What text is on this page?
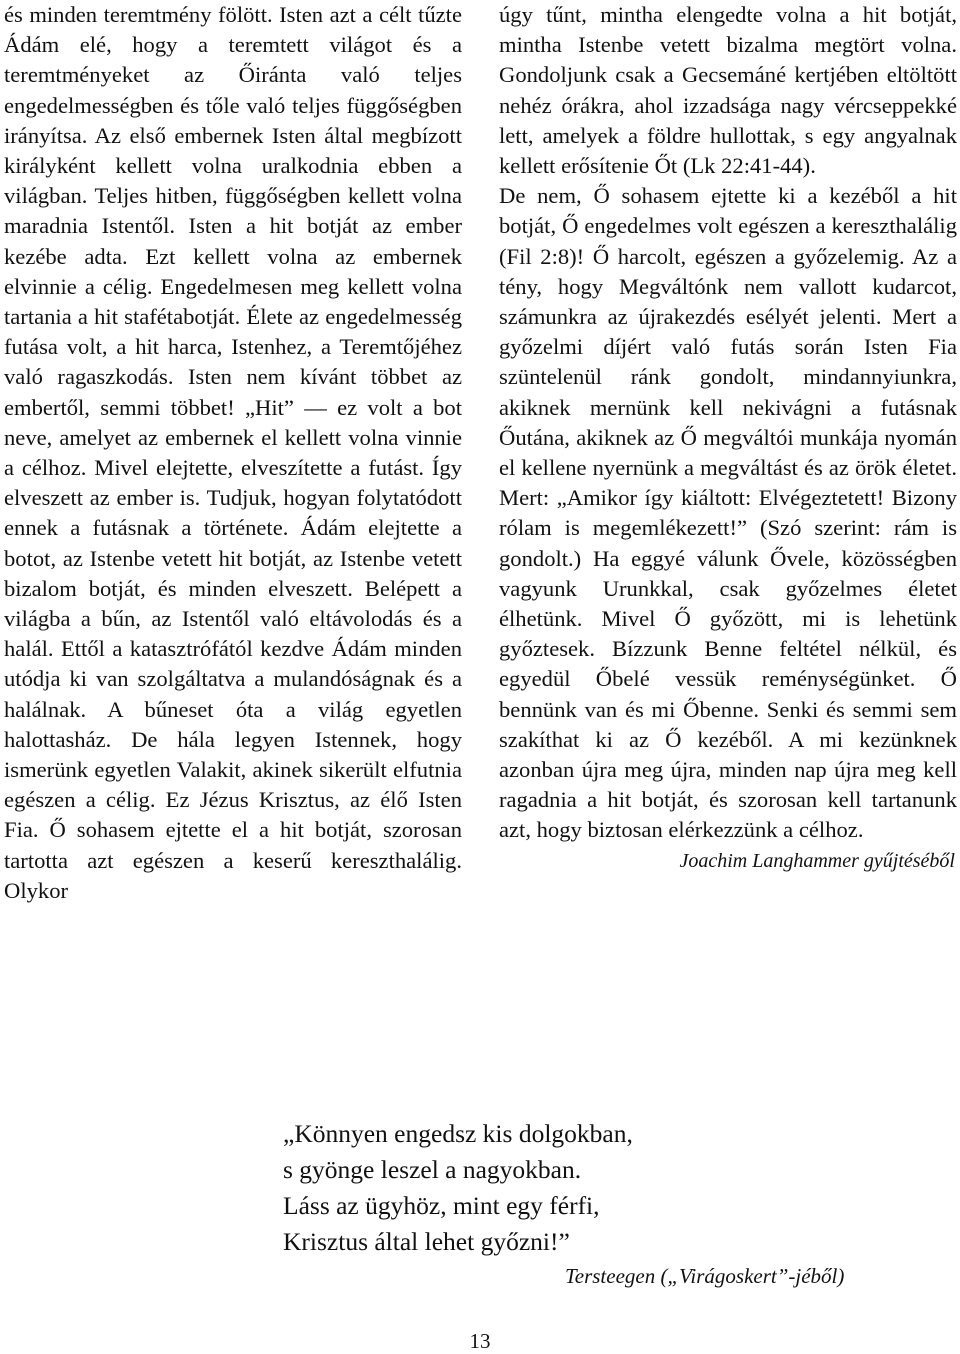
és minden teremtmény fölött. Isten azt a célt tűzte Ádám elé, hogy a teremtett világot és a teremtményeket az Őiránta való teljes engedelmességben és tőle való teljes függőségben irányítsa. Az első embernek Isten által megbízott királyként kellett volna uralkodnia ebben a világban. Teljes hitben, függőségben kellett volna maradnia Istentől. Isten a hit botját az ember kezébe adta. Ezt kellett volna az embernek elvinnie a célig. Engedelmesen meg kellett volna tartania a hit stafétabotját. Élete az engedelmesség futása volt, a hit harca, Istenhez, a Teremtőjéhez való ragaszkodás. Isten nem kívánt többet az embertől, semmi többet! „Hit” — ez volt a bot neve, amelyet az embernek el kellett volna vinnie a célhoz. Mivel elejtette, elveszítette a futást. Így elveszett az ember is. Tudjuk, hogyan folytatódott ennek a futásnak a története. Ádám elejtette a botot, az Istenbe vetett hit botját, az Istenbe vetett bizalom botját, és minden elveszett. Belépett a világba a bűn, az Istentől való eltávolodás és a halál. Ettől a katasztrófától kezdve Ádám minden utódja ki van szolgáltatva a mulandóságnak és a halálnak. A bűneset óta a világ egyetlen halottasház. De hála legyen Istennek, hogy ismerünk egyetlen Valakit, akinek sikerült elfutnia egészen a célig. Ez Jézus Krisztus, az élő Isten Fia. Ő sohasem ejtette el a hit botját, szorosan tartotta azt egészen a keserű kereszthalálig. Olykor

úgy tűnt, mintha elengedte volna a hit botját, mintha Istenbe vetett bizalma megtört volna. Gondoljunk csak a Gecsemáné kertjében eltöltött nehéz órákra, ahol izzadsága nagy vércseppekké lett, amelyek a földre hullottak, s egy angyalnak kellett erősítenie Őt (Lk 22:41-44).

De nem, Ő sohasem ejtette ki a kezéből a hit botját, Ő engedelmes volt egészen a kereszthalálig (Fil 2:8)! Ő harcolt, egészen a győzelemig. Az a tény, hogy Megváltónk nem vallott kudarcot, számunkra az újrakezdés esélyét jelenti. Mert a győzelmi díjért való futás során Isten Fia szüntelenül ránk gondolt, mindannyiunkra, akiknek mernünk kell nekivágni a futásnak Őutána, akiknek az Ő megváltói munkája nyomán el kellene nyernünk a megváltást és az örök életet. Mert: „Amikor így kiáltott: Elvégeztetett! Bizony rólam is megemlékezett!” (Szó szerint: rám is gondolt.) Ha eggyé válunk Ővele, közösségben vagyunk Urunkkal, csak győzelmes életet élhetünk. Mivel Ő győzött, mi is lehetünk győztesek. Bízzunk Benne feltétel nélkül, és egyedül Őbelé vessük reménységünket. Ő bennünk van és mi Őbenne. Senki és semmi sem szakíthat ki az Ő kezéből. A mi kezünknek azonban újra meg újra, minden nap újra meg kell ragadnia a hit botját, és szorosan kell tartanunk azt, hogy biztosan elérkezzünk a célhoz.

Joachim Langhammer gyűjtéséből

„Könnyen engedsz kis dolgokban,
s gyönge leszel a nagyokban.
Láss az ügyhöz, mint egy férfi,
Krisztus által lehet győzni!”
Tersteegen („Virágoskert”-jéből)
13
